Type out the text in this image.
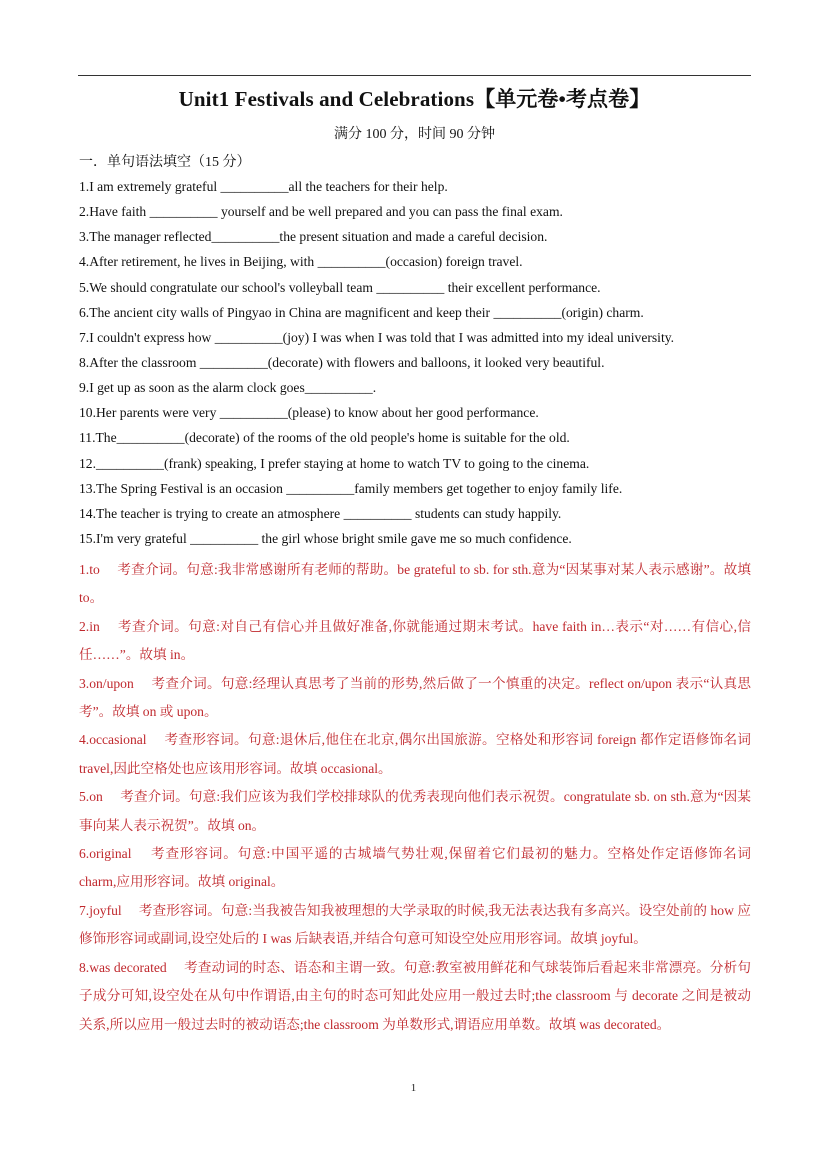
Unit1 Festivals and Celebrations【单元卷•考点卷】
满分 100 分，时间 90 分钟
一．单句语法填空（15 分）
1.I am extremely grateful __________all the teachers for their help.
2.Have faith __________ yourself and be well prepared and you can pass the final exam.
3.The manager reflected__________the present situation and made a careful decision.
4.After retirement, he lives in Beijing, with __________(occasion) foreign travel.
5.We should congratulate our school's volleyball team __________ their excellent performance.
6.The ancient city walls of Pingyao in China are magnificent and keep their __________(origin) charm.
7.I couldn't express how __________(joy) I was when I was told that I was admitted into my ideal university.
8.After the classroom __________(decorate) with flowers and balloons, it looked very beautiful.
9.I get up as soon as the alarm clock goes__________.
10.Her parents were very __________(please) to know about her good performance.
11.The__________(decorate) of the rooms of the old people's home is suitable for the old.
12.__________(frank) speaking, I prefer staying at home to watch TV to going to the cinema.
13.The Spring Festival is an occasion __________family members get together to enjoy family life.
14.The teacher is trying to create an atmosphere __________ students can study happily.
15.I'm very grateful __________ the girl whose bright smile gave me so much confidence.
1.to　 考查介词。句意:我非常感谢所有老师的帮助。be grateful to sb. for sth.意为“因某事对某人表示感谢”。故填 to。
2.in　 考查介词。句意:对自己有信心并且做好准备,你就能通过期末考试。have faith in…表示“对……有信心,信任……”。故填 in。
3.on/upon　 考查介词。句意:经理认真思考了当前的形势,然后做了一个慎重的决定。reflect on/upon 表示“认真思考”。故填 on 或 upon。
4.occasional　 考查形容词。句意:退休后,他住在北京,偶尔出国旅游。空格处和形容词 foreign 都作定语修饰名词 travel,因此空格处也应该用形容词。故填 occasional。
5.on　 考查介词。句意:我们应该为我们学校排球队的优秀表现向他们表示祝贺。congratulate sb. on sth.意为“因某事向某人表示祝贺”。故填 on。
6.original　 考查形容词。句意:中国平遥的古城墙气势壮观,保留着它们最初的魅力。空格处作定语修饰名词 charm,应用形容词。故填 original。
7.joyful　 考查形容词。句意:当我被告知我被理想的大学录取的时候,我无法表达我有多高兴。设空处前的 how 应修饰形容词或副词,设空处后的 I was 后缺表语,并结合句意可知设空处应用形容词。故填 joyful。
8.was decorated　 考查动词的时态、语态和主谓一致。句意:教室被用鲜花和气球装饰后看起来非常漂亮。分析句子成分可知,设空处在从句中作谓语,由主句的时态可知此处应用一般过去时;the classroom 与 decorate 之间是被动关系,所以应用一般过去时的被动语态;the classroom 为单数形式,谓语应用单数。故填 was decorated。
1
